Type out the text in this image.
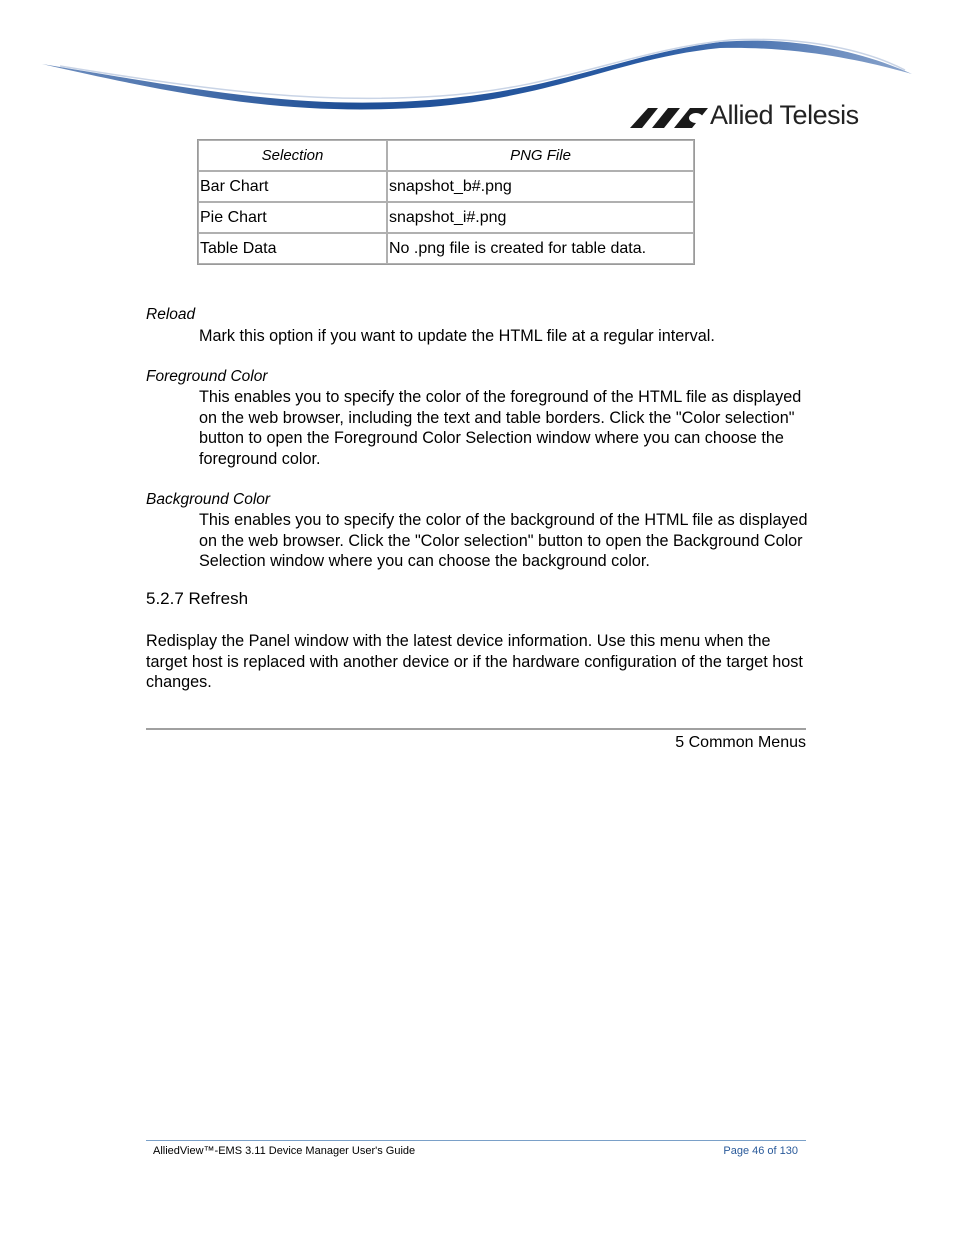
Allied Telesis
Selection	PNG File
Bar Chart	snapshot_b#.png
Pie Chart	snapshot_i#.png
Table Data	No .png file is created for table data.
Reload
Mark this option if you want to update the HTML file at a regular interval.
Foreground Color
This enables you to specify the color of the foreground of the HTML file as displayed on the web browser, including the text and table borders. Click the "Color selection" button to open the Foreground Color Selection window where you can choose the foreground color.
Background Color
This enables you to specify the color of the background of the HTML file as displayed on the web browser. Click the "Color selection" button to open the Background Color Selection window where you can choose the background color.
5.2.7 Refresh
Redisplay the Panel window with the latest device information. Use this menu when the target host is replaced with another device or if the hardware configuration of the target host changes.
5 Common Menus
AlliedView™-EMS 3.11 Device Manager User's Guide	Page 46 of 130
